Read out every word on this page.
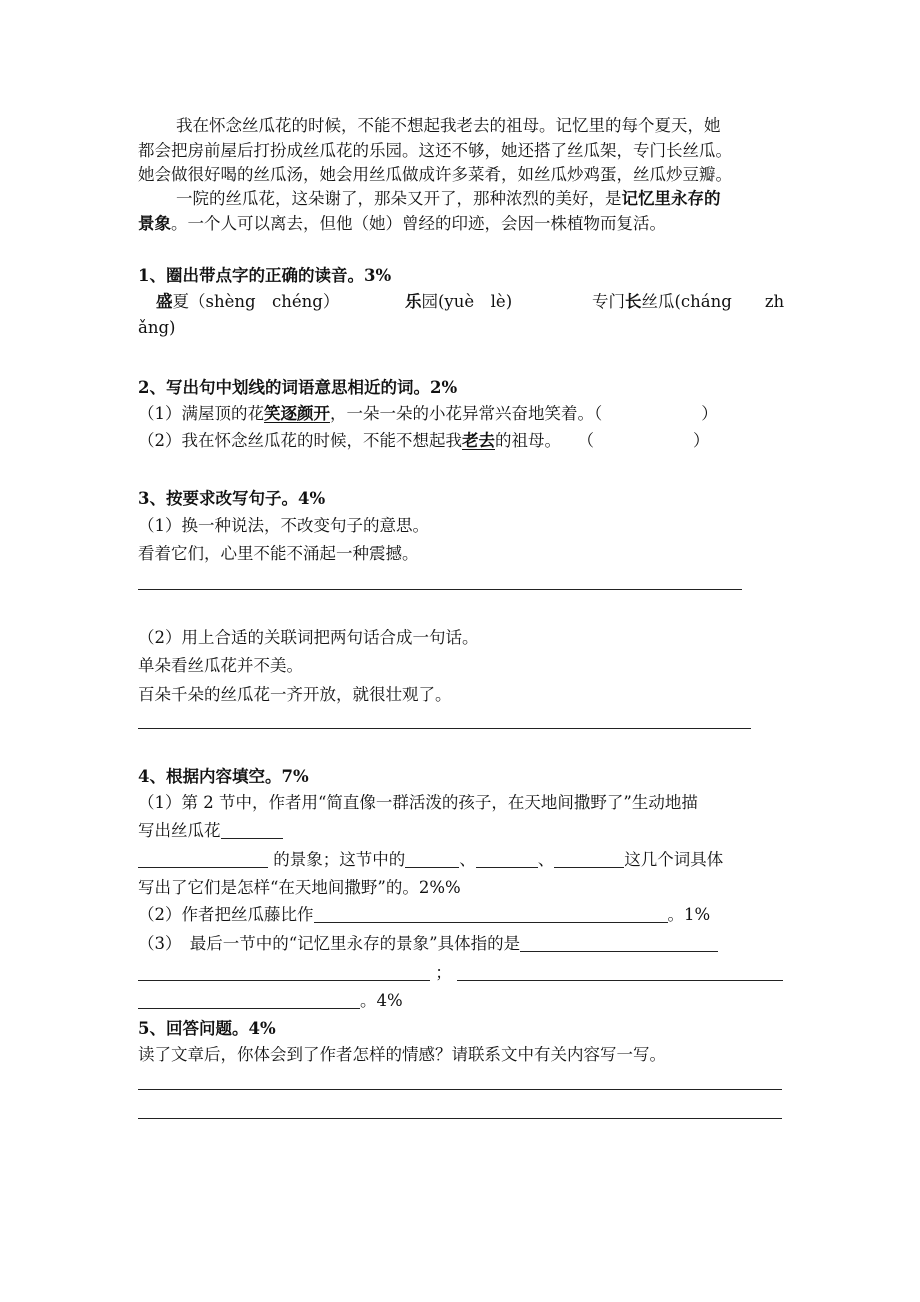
我在怀念丝瓜花的时候，不能不想起我老去的祖母。记忆里的每个夏天，她
都会把房前屋后打扮成丝瓜花的乐园。这还不够，她还搭了丝瓜架，专门长丝瓜。
她会做很好喝的丝瓜汤，她会用丝瓜做成许多菜肴，如丝瓜炒鸡蛋，丝瓜炒豆瓣。
一院的丝瓜花，这朵谢了，那朵又开了，那种浓烈的美好，是记忆里永存的
景象。一个人可以离去，但他（她）曾经的印迹，会因一株植物而复活。
1、圈出带点字的正确的读音。3%
盛夏（shèng　chéng）	乐园(yuè　lè)	专门长丝瓜(cháng　　zh
ǎng)
2、写出句中划线的词语意思相近的词。2%
（1）满屋顶的花笑逐颜开，一朵一朵的小花异常兴奋地笑着。（　　　　　　）
（2）我在怀念丝瓜花的时候，不能不想起我老去的祖母。　　（　　　　　　）
3、按要求改写句子。4%
（1）换一种说法，不改变句子的意思。
看着它们，心里不能不涌起一种震撼。
（2）用上合适的关联词把两句话合成一句话。
单朵看丝瓜花并不美。
百朵千朵的丝瓜花一齐开放，就很壮观了。
4、根据内容填空。7%
（1）第 2 节中，作者用“简直像一群活泼的孩子，在天地间撒野了”生动地描
写出丝瓜花
的景象；这节中的	、	、	这几个词具体
写出了它们是怎样“在天地间撒野”的。2%%
（2）作者把丝瓜藤比作	。1%
（3）　最后一节中的“记忆里永存的景象”具体指的是
；
。4%
5、回答问题。4%
读了文章后，你体会到了作者怎样的情感？请联系文中有关内容写一写。
